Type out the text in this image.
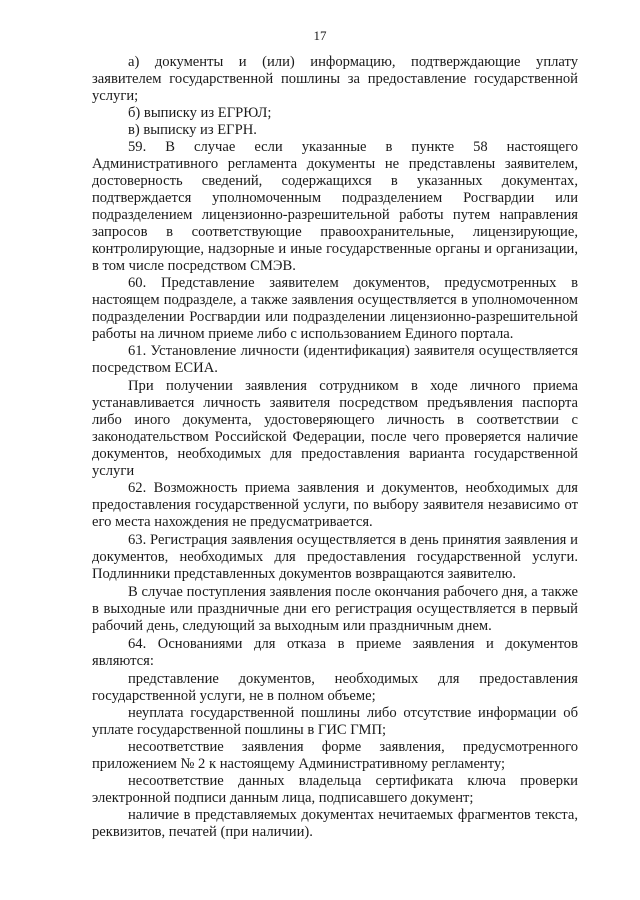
17

а) документы и (или) информацию, подтверждающие уплату заявителем государственной пошлины за предоставление государственной услуги;

б) выписку из ЕГРЮЛ;

в) выписку из ЕГРН.

59. В случае если указанные в пункте 58 настоящего Административного регламента документы не представлены заявителем, достоверность сведений, содержащихся в указанных документах, подтверждается уполномоченным подразделением Росгвардии или подразделением лицензионно-разрешительной работы путем направления запросов в соответствующие правоохранительные, лицензирующие, контролирующие, надзорные и иные государственные органы и организации, в том числе посредством СМЭВ.

60. Представление заявителем документов, предусмотренных в настоящем подразделе, а также заявления осуществляется в уполномоченном подразделении Росгвардии или подразделении лицензионно-разрешительной работы на личном приеме либо с использованием Единого портала.

61. Установление личности (идентификация) заявителя осуществляется посредством ЕСИА.

При получении заявления сотрудником в ходе личного приема устанавливается личность заявителя посредством предъявления паспорта либо иного документа, удостоверяющего личность в соответствии с законодательством Российской Федерации, после чего проверяется наличие документов, необходимых для предоставления варианта государственной услуги

62. Возможность приема заявления и документов, необходимых для предоставления государственной услуги, по выбору заявителя независимо от его места нахождения не предусматривается.

63. Регистрация заявления осуществляется в день принятия заявления и документов, необходимых для предоставления государственной услуги. Подлинники представленных документов возвращаются заявителю.

В случае поступления заявления после окончания рабочего дня, а также в выходные или праздничные дни его регистрация осуществляется в первый рабочий день, следующий за выходным или праздничным днем.

64. Основаниями для отказа в приеме заявления и документов являются:

представление документов, необходимых для предоставления государственной услуги, не в полном объеме;

неуплата государственной пошлины либо отсутствие информации об уплате государственной пошлины в ГИС ГМП;

несоответствие заявления форме заявления, предусмотренного приложением № 2 к настоящему Административному регламенту;

несоответствие данных владельца сертификата ключа проверки электронной подписи данным лица, подписавшего документ;

наличие в представляемых документах нечитаемых фрагментов текста, реквизитов, печатей (при наличии).
